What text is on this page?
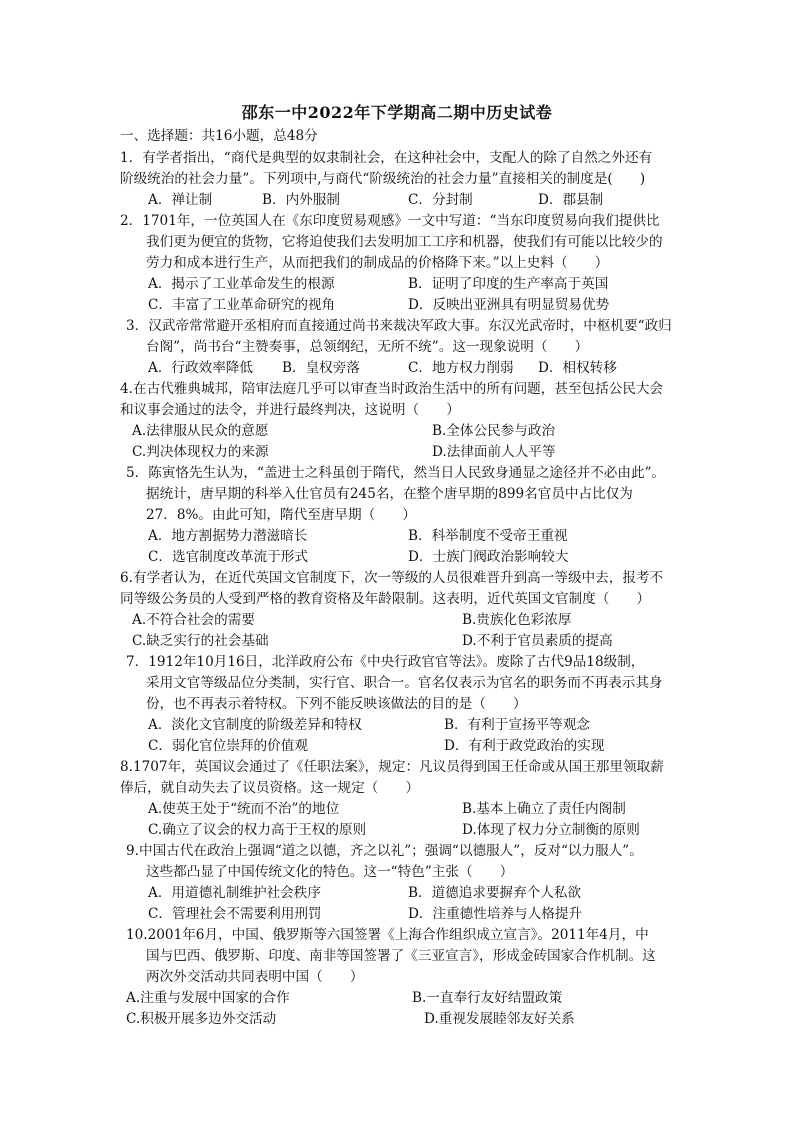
邵东一中2022年下学期高二期中历史试卷
一、选择题：共16小题，总48分
1．有学者指出，“商代是典型的奴隶制社会，在这种社会中，支配人的除了自然之外还有
阶级统治的社会力量”。下列项中,与商代“阶级统治的社会力量”直接相关的制度是(　　)
A．禅让制	B．内外服制	C．分封制	D．郡县制
2．1701年，一位英国人在《东印度贸易观感》一文中写道：“当东印度贸易向我们提供比
我们更为便宜的货物，它将迫使我们去发明加工工序和机器，使我们有可能以比较少的
劳力和成本进行生产，从而把我们的制成品的价格降下来。”以上史料（　　）
A．揭示了工业革命发生的根源	B．证明了印度的生产率高于英国
C．丰富了工业革命研究的视角	D．反映出亚洲具有明显贸易优势
3．汉武帝常常避开丞相府而直接通过尚书来裁决军政大事。东汉光武帝时，中枢机要“政归
台阁”，尚书台“主赞奏事，总领纲纪，无所不统”。这一现象说明（　　）
A．行政效率降低 B．皇权旁落	C．地方权力削弱 D．相权转移
4.在古代雅典城邦，陪审法庭几乎可以审查当时政治生活中的所有问题，甚至包括公民大会
和议事会通过的法令，并进行最终判决，这说明（　　）
A.法律服从民众的意愿	B.全体公民参与政治
C.判决体现权力的来源	D.法律面前人人平等
5．陈寅恪先生认为，“盖进士之科虽创于隋代，然当日人民致身通显之途径并不必由此”。
据统计，唐早期的科举入仕官员有245名，在整个唐早期的899名官员中占比仅为
27．8%。由此可知，隋代至唐早期（　　）
A．地方割据势力潜滋暗长	B．科举制度不受帝王重视
C．选官制度改革流于形式	D．士族门阀政治影响较大
6.有学者认为，在近代英国文官制度下，次一等级的人员很难晋升到高一等级中去，报考不
同等级公务员的人受到严格的教育资格及年龄限制。这表明，近代英国文官制度（　　）
A.不符合社会的需要	B.贵族化色彩浓厚
C.缺乏实行的社会基础	D.不利于官员素质的提高
7．1912年10月16日，北洋政府公布《中央行政官官等法》。废除了古代9品18级制，
采用文官等级品位分类制，实行官、职合一。官名仅表示为官名的职务而不再表示其身
份，也不再表示着特权。下列不能反映该做法的目的是（　　）
A．淡化文官制度的阶级差异和特权	B．有利于宣扬平等观念
C．弱化官位崇拜的价值观	D．有利于政党政治的实现
8.1707年，英国议会通过了《任职法案》，规定：凡议员得到国王任命或从国王那里领取薪
俸后，就自动失去了议员资格。这一规定（　　）
A.使英王处于“统而不治”的地位	B.基本上确立了责任内阁制
C.确立了议会的权力高于王权的原则	D.体现了权力分立制衡的原则
9.中国古代在政治上强调“道之以德，齐之以礼”；强调“以德服人”，反对“以力服人”。
这些都凸显了中国传统文化的特色。这一“特色”主张（　　）
A．用道德礼制维护社会秩序	B．道德追求要摒弃个人私欲
C．管理社会不需要利用刑罚	D．注重德性培养与人格提升
10.2001年6月，中国、俄罗斯等六国签署《上海合作组织成立宣言》。2011年4月，中
国与巴西、俄罗斯、印度、南非等国签署了《三亚宣言》，形成金砖国家合作机制。这
两次外交活动共同表明中国（　　）
A.注重与发展中国家的合作	B.一直奉行友好结盟政策
C.积极开展多边外交活动	D.重视发展睦邻友好关系
